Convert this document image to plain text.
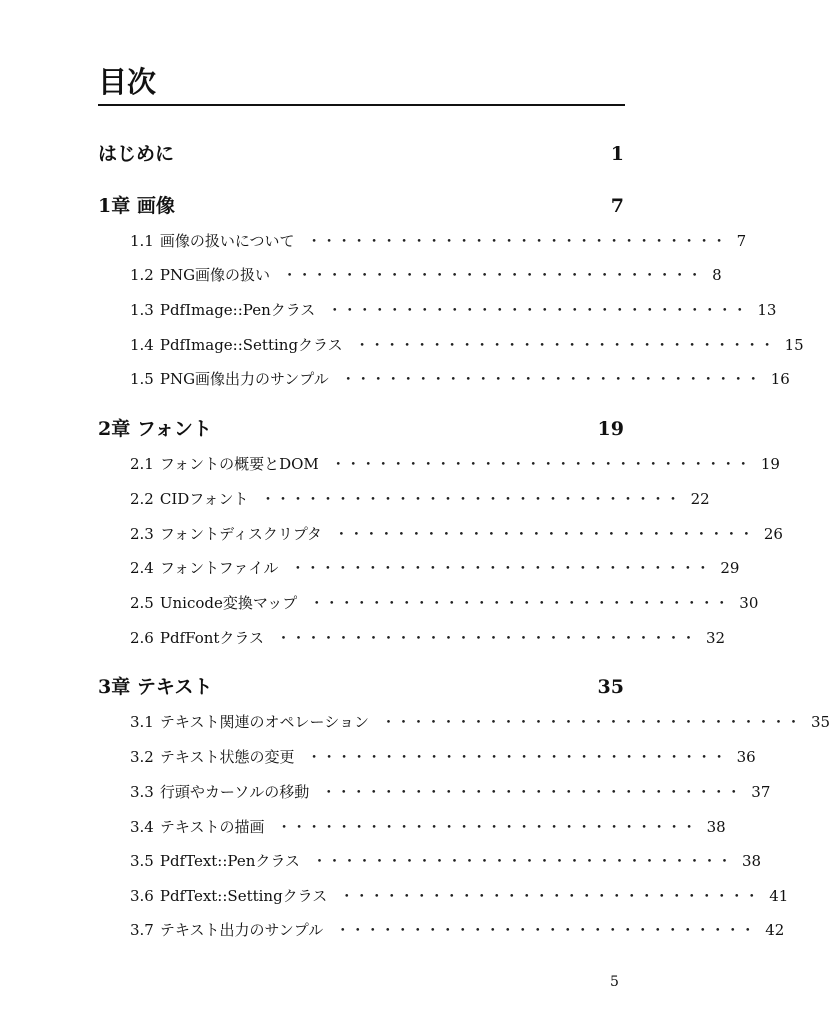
目次
はじめに	1
1章 画像	7
1.1 画像の扱いについて ・・・・・・・・・・・・・・・・・・・・・・・・・・・・ 7
1.2 PNG画像の扱い ・・・・・・・・・・・・・・・・・・・・・・・・・・・・ 8
1.3 PdfImage::Penクラス ・・・・・・・・・・・・・・・・・・・・・・・・・・・・ 13
1.4 PdfImage::Settingクラス ・・・・・・・・・・・・・・・・・・・・・・・・・・・・ 15
1.5 PNG画像出力のサンプル ・・・・・・・・・・・・・・・・・・・・・・・・・・・・ 16
2章 フォント	19
2.1 フォントの概要とDOM ・・・・・・・・・・・・・・・・・・・・・・・・・・・・ 19
2.2 CIDフォント ・・・・・・・・・・・・・・・・・・・・・・・・・・・・ 22
2.3 フォントディスクリプタ ・・・・・・・・・・・・・・・・・・・・・・・・・・・・ 26
2.4 フォントファイル ・・・・・・・・・・・・・・・・・・・・・・・・・・・・ 29
2.5 Unicode変換マップ ・・・・・・・・・・・・・・・・・・・・・・・・・・・・ 30
2.6 PdfFontクラス ・・・・・・・・・・・・・・・・・・・・・・・・・・・・ 32
3章 テキスト	35
3.1 テキスト関連のオペレーション ・・・・・・・・・・・・・・・・・・・・・・・・・・・・ 35
3.2 テキスト状態の変更 ・・・・・・・・・・・・・・・・・・・・・・・・・・・・ 36
3.3 行頭やカーソルの移動 ・・・・・・・・・・・・・・・・・・・・・・・・・・・・ 37
3.4 テキストの描画 ・・・・・・・・・・・・・・・・・・・・・・・・・・・・ 38
3.5 PdfText::Penクラス ・・・・・・・・・・・・・・・・・・・・・・・・・・・・ 38
3.6 PdfText::Settingクラス ・・・・・・・・・・・・・・・・・・・・・・・・・・・・ 41
3.7 テキスト出力のサンプル ・・・・・・・・・・・・・・・・・・・・・・・・・・・・ 42
5
